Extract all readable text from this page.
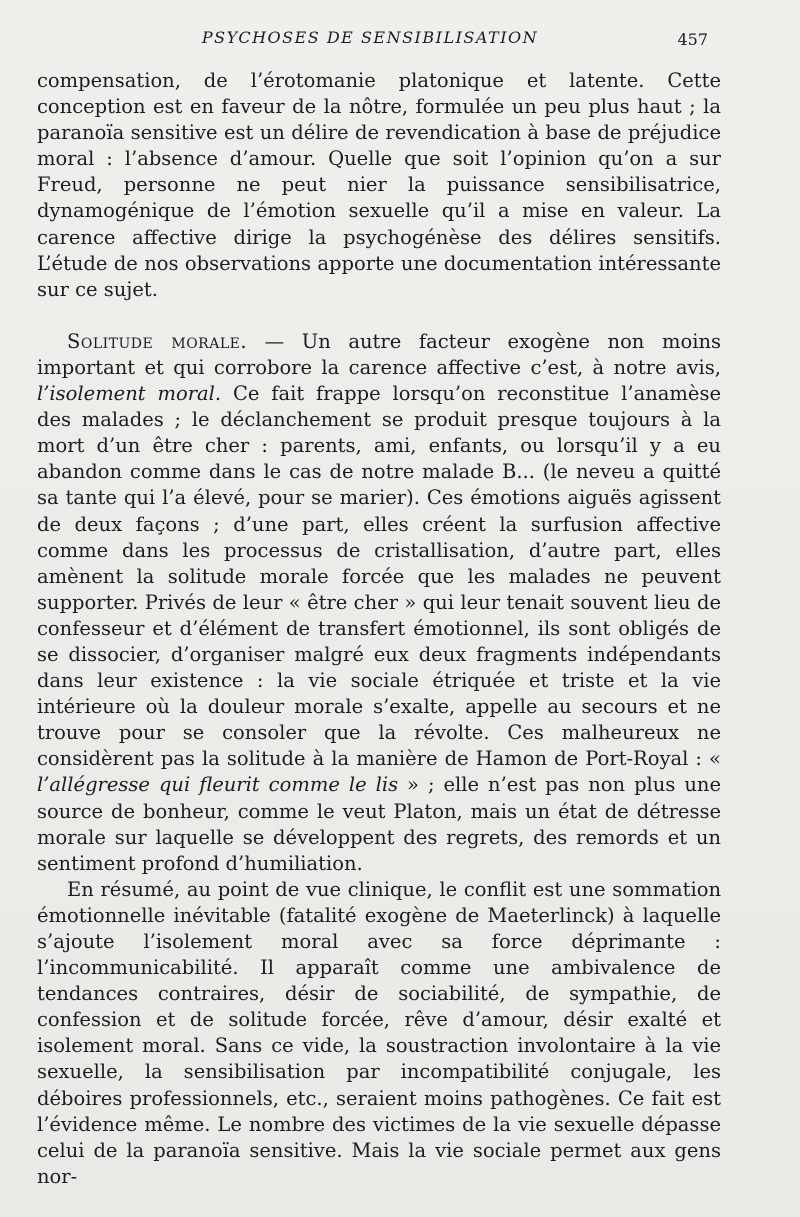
PSYCHOSES DE SENSIBILISATION	457

compensation, de l’érotomanie platonique et latente. Cette conception est en faveur de la nôtre, formulée un peu plus haut ; la paranoïa sensitive est un délire de revendication à base de préjudice moral : l’absence d’amour. Quelle que soit l’opinion qu’on a sur Freud, personne ne peut nier la puissance sensibilisatrice, dynamogénique de l’émotion sexuelle qu’il a mise en valeur. La carence affective dirige la psychogénèse des délires sensitifs. L’étude de nos observations apporte une documentation intéressante sur ce sujet.

Solitude morale. — Un autre facteur exogène non moins important et qui corrobore la carence affective c’est, à notre avis, l’isolement moral. Ce fait frappe lorsqu’on reconstitue l’anamèse des malades ; le déclanchement se produit presque toujours à la mort d’un être cher : parents, ami, enfants, ou lorsqu’il y a eu abandon comme dans le cas de notre malade B... (le neveu a quitté sa tante qui l’a élevé, pour se marier). Ces émotions aiguës agissent de deux façons ; d’une part, elles créent la surfusion affective comme dans les processus de cristallisation, d’autre part, elles amènent la solitude morale forcée que les malades ne peuvent supporter. Privés de leur « être cher » qui leur tenait souvent lieu de confesseur et d’élément de transfert émotionnel, ils sont obligés de se dissocier, d’organiser malgré eux deux fragments indépendants dans leur existence : la vie sociale étriquée et triste et la vie intérieure où la douleur morale s’exalte, appelle au secours et ne trouve pour se consoler que la révolte. Ces malheureux ne considèrent pas la solitude à la manière de Hamon de Port-Royal : « l’allégresse qui fleurit comme le lis » ; elle n’est pas non plus une source de bonheur, comme le veut Platon, mais un état de détresse morale sur laquelle se développent des regrets, des remords et un sentiment profond d’humiliation.

En résumé, au point de vue clinique, le conflit est une sommation émotionnelle inévitable (fatalité exogène de Maeterlinck) à laquelle s’ajoute l’isolement moral avec sa force déprimante : l’incommunicabilité. Il apparaît comme une ambivalence de tendances contraires, désir de sociabilité, de sympathie, de confession et de solitude forcée, rêve d’amour, désir exalté et isolement moral. Sans ce vide, la soustraction involontaire à la vie sexuelle, la sensibilisation par incompatibilité conjugale, les déboires professionnels, etc., seraient moins pathogènes. Ce fait est l’évidence même. Le nombre des victimes de la vie sexuelle dépasse celui de la paranoïa sensitive. Mais la vie sociale permet aux gens nor-
